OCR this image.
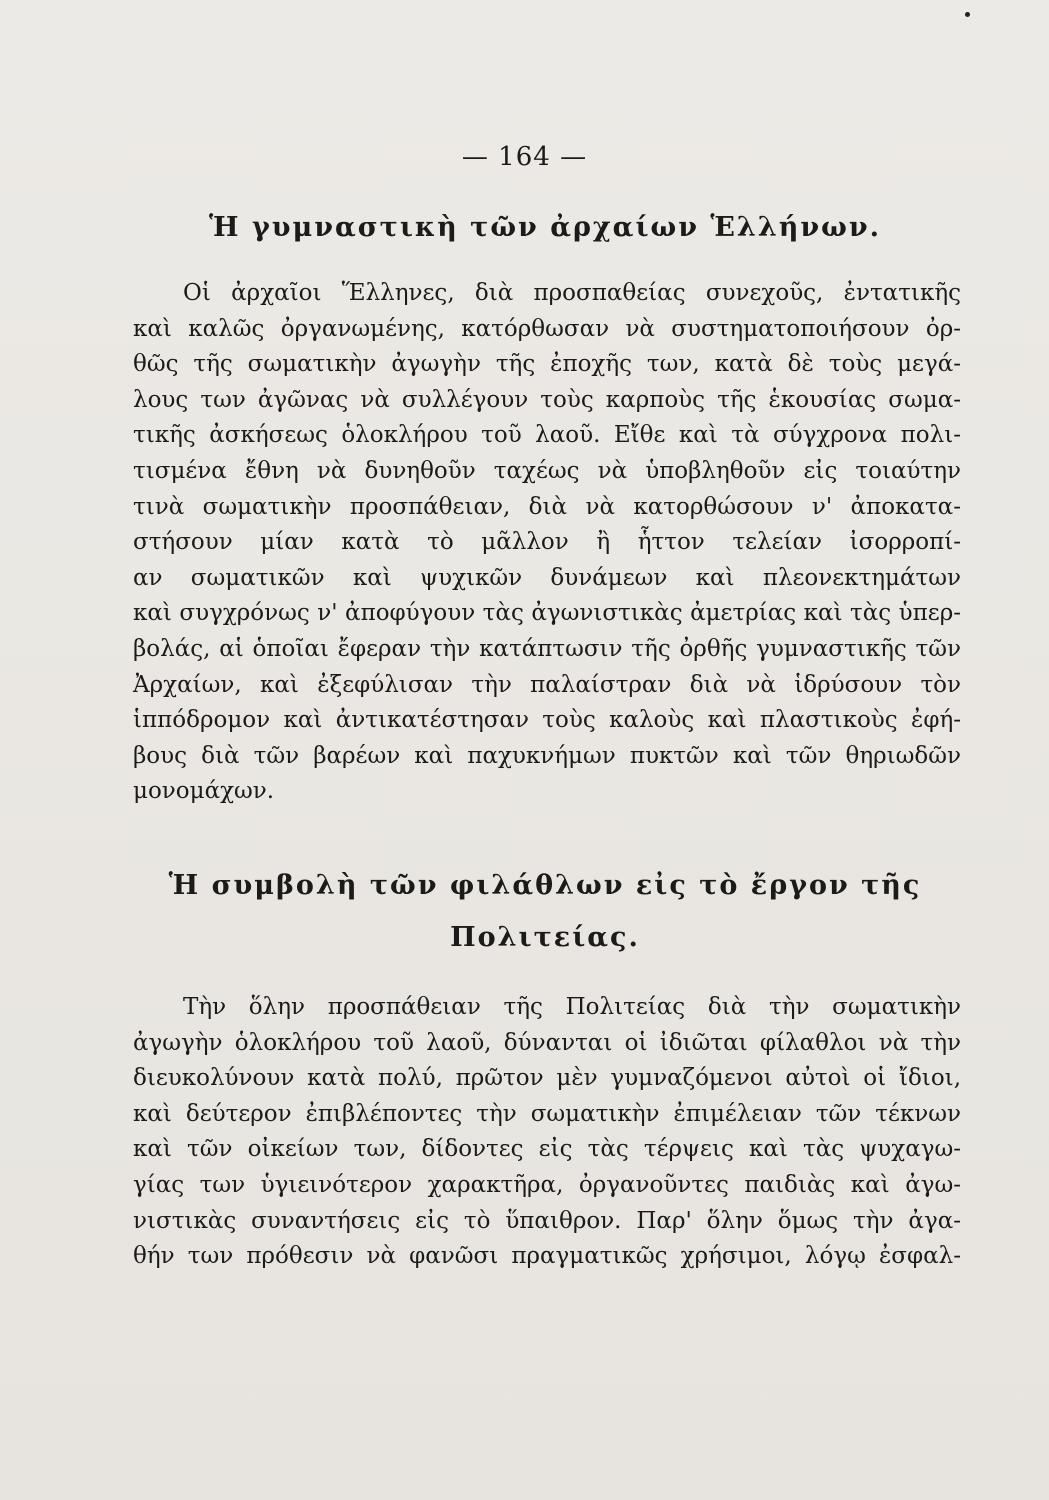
— 164 —
Ἡ γυμναστικὴ τῶν ἀρχαίων Ἑλλήνων.
Οἱ ἀρχαῖοι Ἕλληνες, διὰ προσπαθείας συνεχοῦς, ἐντατικῆς
καὶ καλῶς ὀργανωμένης, κατόρθωσαν νὰ συστηματοποιήσουν ὀρ-
θῶς τῆς σωματικὴν ἀγωγὴν τῆς ἐποχῆς των, κατὰ δὲ τοὺς μεγά-
λους των ἀγῶνας νὰ συλλέγουν τοὺς καρποὺς τῆς ἑκουσίας σωμα-
τικῆς ἀσκήσεως ὁλοκλήρου τοῦ λαοῦ. Εἴθε καὶ τὰ σύγχρονα πολι-
τισμένα ἔθνη νὰ δυνηθοῦν ταχέως νὰ ὑποβληθοῦν εἰς τοιαύτην
τινὰ σωματικὴν προσπάθειαν, διὰ νὰ κατορθώσουν ν' ἀποκατα-
στήσουν μίαν κατὰ τὸ μᾶλλον ἢ ἧττον τελείαν ἰσορροπί-
αν σωματικῶν καὶ ψυχικῶν δυνάμεων καὶ πλεονεκτημάτων
καὶ συγχρόνως ν' ἀποφύγουν τὰς ἀγωνιστικὰς ἀμετρίας καὶ τὰς ὑπερ-
βολάς, αἱ ὁποῖαι ἔφεραν τὴν κατάπτωσιν τῆς ὀρθῆς γυμναστικῆς τῶν
Ἀρχαίων, καὶ ἐξεφύλισαν τὴν παλαίστραν διὰ νὰ ἱδρύσουν τὸν
ἱππόδρομον καὶ ἀντικατέστησαν τοὺς καλοὺς καὶ πλαστικοὺς ἐφή-
βους διὰ τῶν βαρέων καὶ παχυκνήμων πυκτῶν καὶ τῶν θηριωδῶν
μονομάχων.
Ἡ συμβολὴ τῶν φιλάθλων εἰς τὸ ἔργον τῆς
Πολιτείας.
Τὴν ὅλην προσπάθειαν τῆς Πολιτείας διὰ τὴν σωματικὴν
ἀγωγὴν ὁλοκλήρου τοῦ λαοῦ, δύνανται οἱ ἰδιῶται φίλαθλοι νὰ τὴν
διευκολύνουν κατὰ πολύ, πρῶτον μὲν γυμναζόμενοι αὐτοὶ οἱ ἴδιοι,
καὶ δεύτερον ἐπιβλέποντες τὴν σωματικὴν ἐπιμέλειαν τῶν τέκνων
καὶ τῶν οἰκείων των, δίδοντες εἰς τὰς τέρψεις καὶ τὰς ψυχαγω-
γίας των ὑγιεινότερον χαρακτῆρα, ὀργανοῦντες παιδιὰς καὶ ἀγω-
νιστικὰς συναντήσεις εἰς τὸ ὕπαιθρον. Παρ' ὅλην ὅμως τὴν ἀγα-
θήν των πρόθεσιν νὰ φανῶσι πραγματικῶς χρήσιμοι, λόγῳ ἐσφαλ-
